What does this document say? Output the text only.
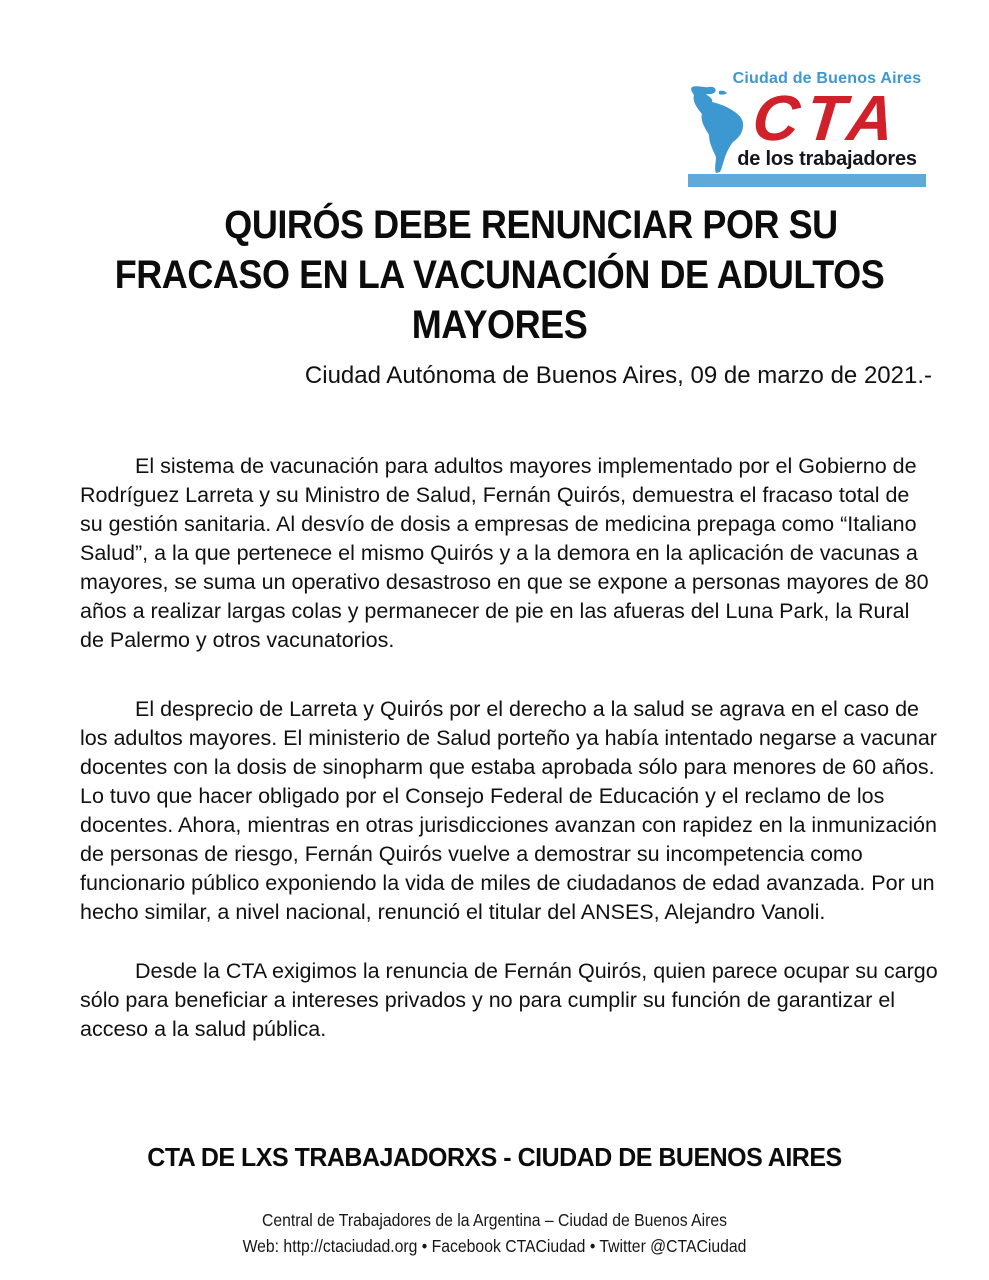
Ciudad de Buenos Aires
CTA
de los trabajadores
QUIRÓS DEBE RENUNCIAR POR SU
FRACASO EN LA VACUNACIÓN DE ADULTOS
MAYORES
Ciudad Autónoma de Buenos Aires, 09 de marzo de 2021.-

El sistema de vacunación para adultos mayores implementado por el Gobierno de Rodríguez Larreta y su Ministro de Salud, Fernán Quirós, demuestra el fracaso total de su gestión sanitaria. Al desvío de dosis a empresas de medicina prepaga como “Italiano Salud”, a la que pertenece el mismo Quirós y a la demora en la aplicación de vacunas a mayores, se suma un operativo desastroso en que se expone a personas mayores de 80 años a realizar largas colas y permanecer de pie en las afueras del Luna Park, la Rural de Palermo y otros vacunatorios.

El desprecio de Larreta y Quirós por el derecho a la salud se agrava en el caso de los adultos mayores. El ministerio de Salud porteño ya había intentado negarse a vacunar docentes con la dosis de sinopharm que estaba aprobada sólo para menores de 60 años. Lo tuvo que hacer obligado por el Consejo Federal de Educación y el reclamo de los docentes. Ahora, mientras en otras jurisdicciones avanzan con rapidez en la inmunización de personas de riesgo, Fernán Quirós vuelve a demostrar su incompetencia como funcionario público exponiendo la vida de miles de ciudadanos de edad avanzada. Por un hecho similar, a nivel nacional, renunció el titular del ANSES, Alejandro Vanoli.

Desde la CTA exigimos la renuncia de Fernán Quirós, quien parece ocupar su cargo sólo para beneficiar a intereses privados y no para cumplir su función de garantizar el acceso a la salud pública.

CTA DE LXS TRABAJADORXS - CIUDAD DE BUENOS AIRES
Central de Trabajadores de la Argentina – Ciudad de Buenos Aires
Web: http://ctaciudad.org • Facebook CTACiudad • Twitter @CTACiudad
